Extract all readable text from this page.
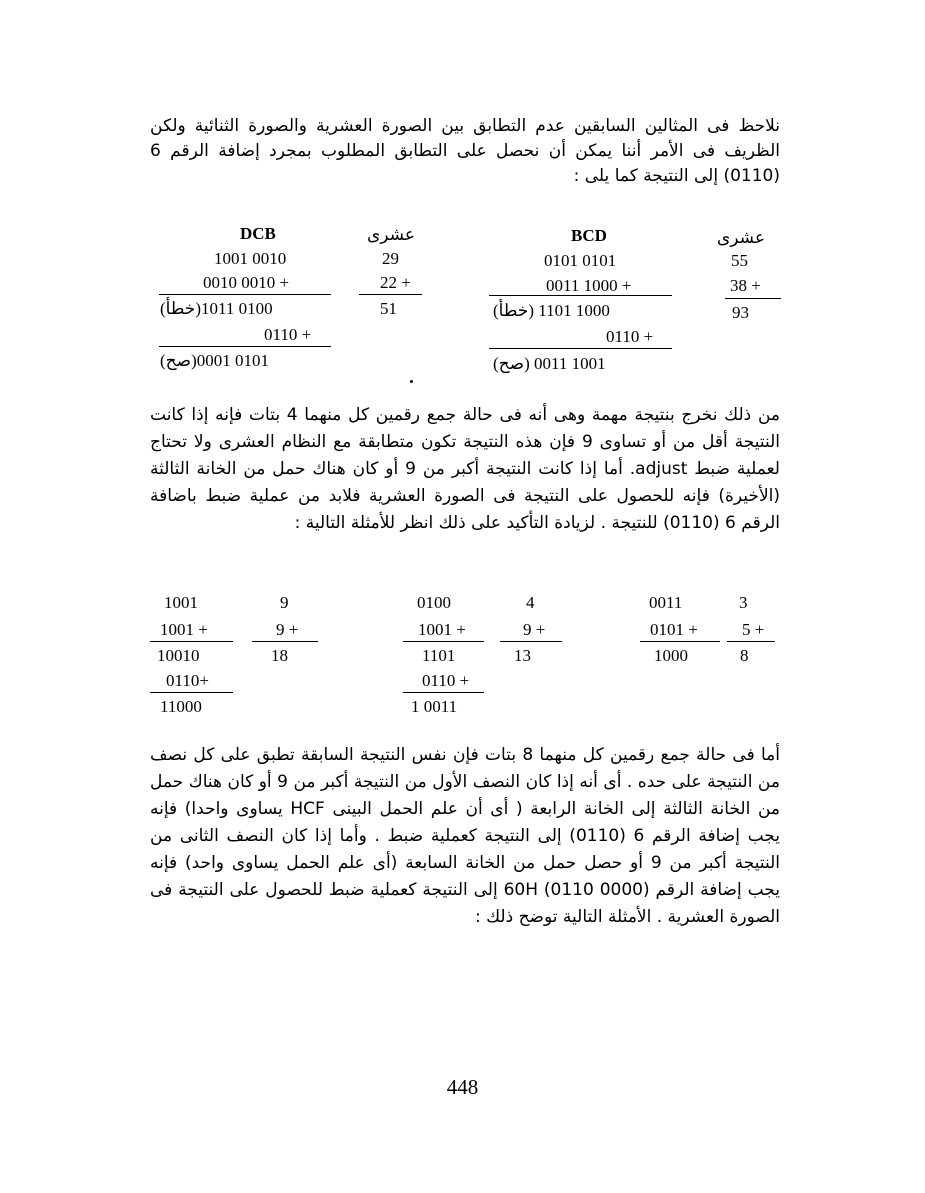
نلاحظ فى المثالين السابقين عدم التطابق بين الصورة العشرية والصورة الثنائية ولكن الظريف فى الأمر أننا يمكن أن نحصل على التطابق المطلوب بمجرد إضافة الرقم 6 (0110) إلى النتيجة كما يلى :
عشرى
BCD
55
38 +
93
0101 0101
0011 1000 +
(خطأ) 1000 1101
0110 +
(صح) 1001 0011
عشرى
DCB
29
22 +
51
1001 0010
0010 0010 +
(خطأ)0100 1011
0110 +
(صح)0101 0001
من ذلك نخرج بنتيجة مهمة وهى أنه فى حالة جمع رقمين كل منهما 4 بتات فإنه إذا كانت النتيجة أقل من أو تساوى 9 فإن هذه النتيجة تكون متطابقة مع النظام العشرى ولا تحتاج لعملية ضبط adjust. أما إذا كانت النتيجة أكبر من 9 أو كان هناك حمل من الخانة الثالثة (الأخيرة) فإنه للحصول على النتيجة فى الصورة العشرية فلابد من عملية ضبط باضافة الرقم 6 (0110) للنتيجة . لزيادة التأكيد على ذلك انظر للأمثلة التالية :
1001
1001 +
10010
0110+
11000
9
9 +
18
0100
1001 +
1101
0110 +
1 0011
4
9 +
13
0011
0101 +
1000
3
5 +
8
أما فى حالة جمع رقمين كل منهما 8 بتات فإن نفس النتيجة السابقة تطبق على كل نصف من النتيجة على حده . أى أنه إذا كان النصف الأول من النتيجة أكبر من 9 أو كان هناك حمل من الخانة الثالثة إلى الخانة الرابعة ( أى أن علم الحمل البينى HCF يساوى واحدا) فإنه يجب إضافة الرقم 6 (0110) إلى النتيجة كعملية ضبط . وأما إذا كان النصف الثانى من النتيجة أكبر من 9 أو حصل حمل من الخانة السابعة (أى علم الحمل يساوى واحد) فإنه يجب إضافة الرقم 60H (0110 0000) إلى النتيجة كعملية ضبط للحصول على النتيجة فى الصورة العشرية . الأمثلة التالية توضح ذلك :
448
